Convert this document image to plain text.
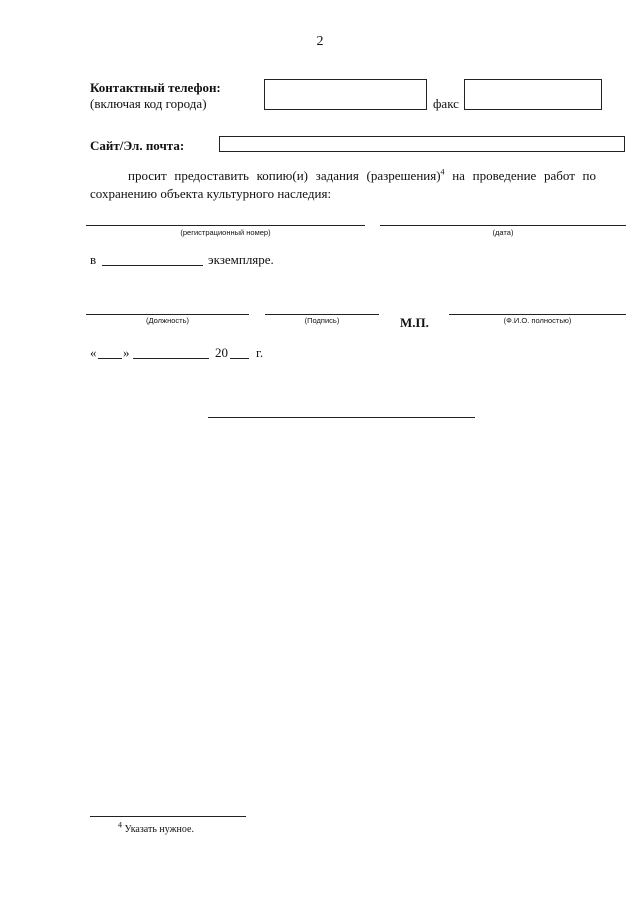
2
Контактный телефон:
(включая код города)	факс
Сайт/Эл. почта:
просит предоставить копию(и) задания (разрешения)$^4$ на проведение работ по сохранению объекта культурного наследия:
(регистрационный номер)	(дата)
в	экземпляре.
(Должность)	(Подпись)	М.П.	(Ф.И.О. полностью)
« »	20 г.
$^4$ Указать нужное.
